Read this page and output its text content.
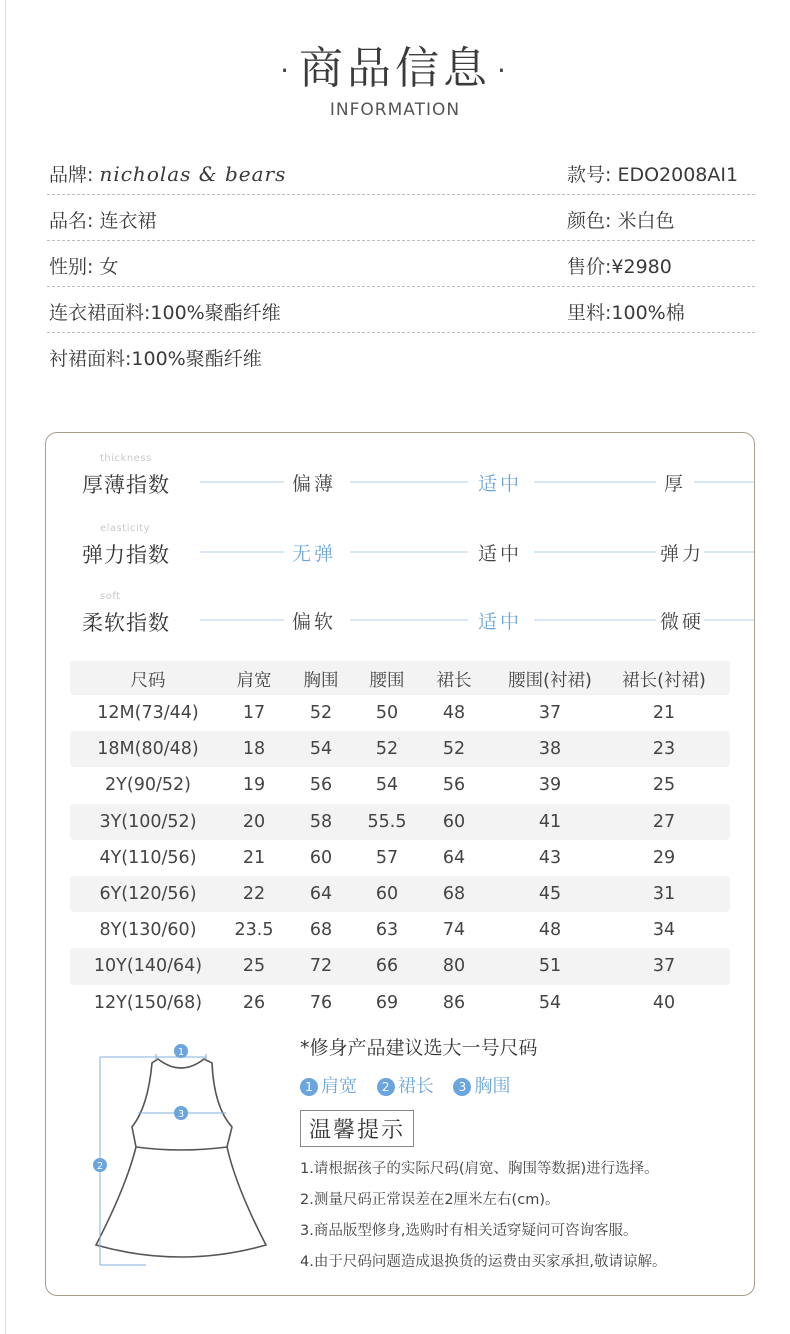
· 商品信息 ·
INFORMATION
品牌: nicholas & bears	款号: EDO2008AI1
品名: 连衣裙	颜色: 米白色
性别: 女	售价:¥2980
连衣裙面料:100%聚酯纤维	里料:100%棉
衬裙面料:100%聚酯纤维
thickness
厚薄指数	偏薄	适中	厚
elasticity
弹力指数	无弹	适中	弹力
soft
柔软指数	偏软	适中	微硬
尺码	肩宽 胸围 腰围 裙长 腰围(衬裙) 裙长(衬裙)
12M(73/44)	17	52 50	48	37	21
18M(80/48)	18	54 52	52	38	23
2Y(90/52)	19	56 54	56	39	25
3Y(100/52)	20	58 55.5 60	41	27
4Y(110/56)	21	60 57	64	43	29
6Y(120/56)	22	64 60	68	45	31
8Y(130/60) 23.5 68 63	74	48	34
10Y(140/64) 25	72 66	80	51	37
12Y(150/68) 26	76 69	86	54	40
1
2
3
*修身产品建议选大一号尺码
1 肩宽 2 裙长 3 胸围
温馨提示
1.请根据孩子的实际尺码(肩宽、胸围等数据)进行选择。
2.测量尺码正常误差在2厘米左右(cm)。
3.商品版型修身,选购时有相关适穿疑问可咨询客服。
4.由于尺码问题造成退换货的运费由买家承担,敬请谅解。
